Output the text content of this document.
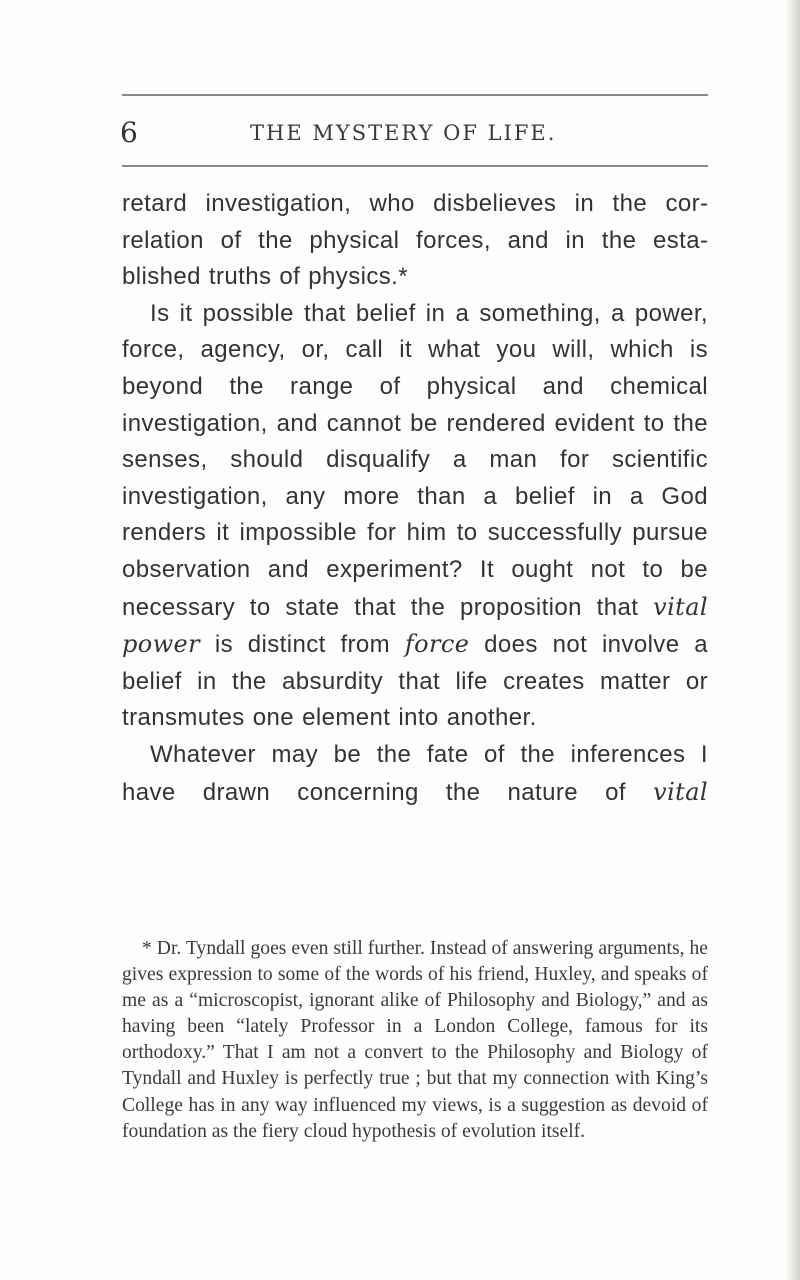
6	THE MYSTERY OF LIFE.

retard investigation, who disbelieves in the correlation of the physical forces, and in the established truths of physics.*

Is it possible that belief in a something, a power, force, agency, or, call it what you will, which is beyond the range of physical and chemical investigation, and cannot be rendered evident to the senses, should disqualify a man for scientific investigation, any more than a belief in a God renders it impossible for him to successfully pursue observation and experiment? It ought not to be necessary to state that the proposition that vital power is distinct from force does not involve a belief in the absurdity that life creates matter or transmutes one element into another.

Whatever may be the fate of the inferences I have drawn concerning the nature of vital

* Dr. Tyndall goes even still further. Instead of answering arguments, he gives expression to some of the words of his friend, Huxley, and speaks of me as a “microscopist, ignorant alike of Philosophy and Biology,” and as having been “lately Professor in a London College, famous for its orthodoxy.” That I am not a convert to the Philosophy and Biology of Tyndall and Huxley is perfectly true ; but that my connection with King’s College has in any way influenced my views, is a suggestion as devoid of foundation as the fiery cloud hypothesis of evolution itself.
